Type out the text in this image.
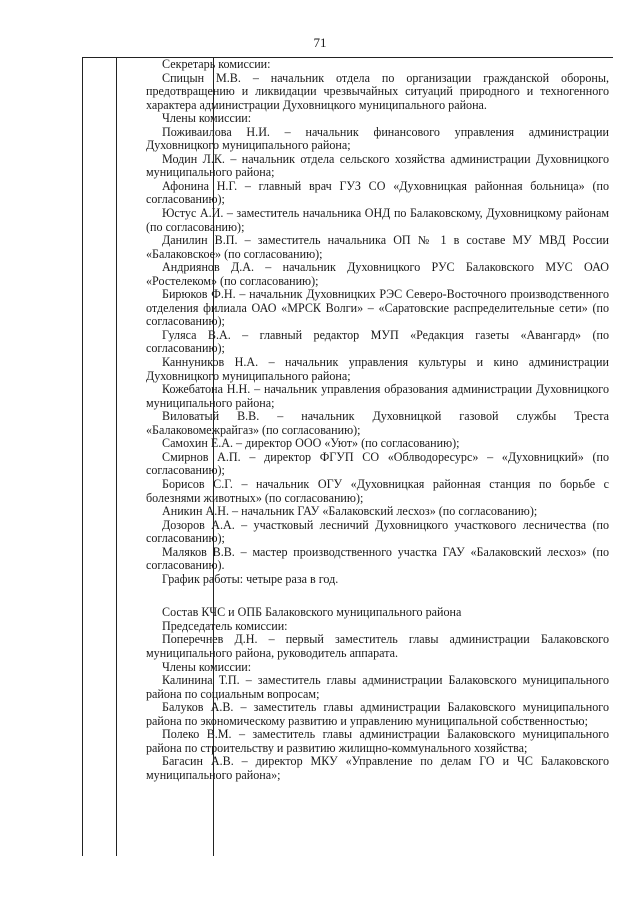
71

Секретарь комиссии:

Спицын М.В. – начальник отдела по организации гражданской обороны, предотвращению и ликвидации чрезвычайных ситуаций природного и техногенного характера администрации Духовницкого муниципального района.

Члены комиссии:

Поживаилова Н.И. – начальник финансового управления администрации Духовницкого муниципального района;

Модин Л.К. – начальник отдела сельского хозяйства администрации Духовницкого муниципального района;

Афонина Н.Г. – главный врач ГУЗ СО «Духовницкая районная больница» (по согласованию);

Юстус А.И. – заместитель начальника ОНД по Балаковскому, Духовницкому районам (по согласованию);

Данилин В.П. – заместитель начальника ОП № 1 в составе МУ МВД России «Балаковское» (по согласованию);

Андриянов Д.А. – начальник Духовницкого РУС Балаковского МУС ОАО «Ростелеком» (по согласованию);

Бирюков Ф.Н. – начальник Духовницких РЭС Северо-Восточного производственного отделения филиала ОАО «МРСК Волги» – «Саратовские распределительные сети» (по согласованию);

Гуляса В.А. – главный редактор МУП «Редакция газеты «Авангард» (по согласованию);

Каннуников Н.А. – начальник управления культуры и кино администрации Духовницкого муниципального района;

Кожебатона Н.Н. – начальник управления образования администрации Духовницкого муниципального района;

Виловатый В.В. – начальник Духовницкой газовой службы Треста «Балаковомежрайгаз» (по согласованию);

Самохин Е.А. – директор ООО «Уют» (по согласованию);

Смирнов А.П. – директор ФГУП СО «Облводоресурс» – «Духовницкий» (по согласованию);

Борисов С.Г. – начальник ОГУ «Духовницкая районная станция по борьбе с болезнями животных» (по согласованию);

Аникин А.Н. – начальник ГАУ «Балаковский лесхоз» (по согласованию);

Дозоров А.А. – участковый лесничий Духовницкого участкового лесничества (по согласованию);

Маляков В.В. – мастер производственного участка ГАУ «Балаковский лесхоз» (по согласованию).

График работы: четыре раза в год.

Состав КЧС и ОПБ Балаковского муниципального района

Председатель комиссии:

Поперечнев Д.Н. – первый заместитель главы администрации Балаковского муниципального района, руководитель аппарата.

Члены комиссии:

Калинина Т.П. – заместитель главы администрации Балаковского муниципального района по социальным вопросам;

Балуков А.В. – заместитель главы администрации Балаковского муниципального района по экономическому развитию и управлению муниципальной собственностью;

Полеко В.М. – заместитель главы администрации Балаковского муниципального района по строительству и развитию жилищно-коммунального хозяйства;

Багасин А.В. – директор МКУ «Управление по делам ГО и ЧС Балаковского муниципального района»;
